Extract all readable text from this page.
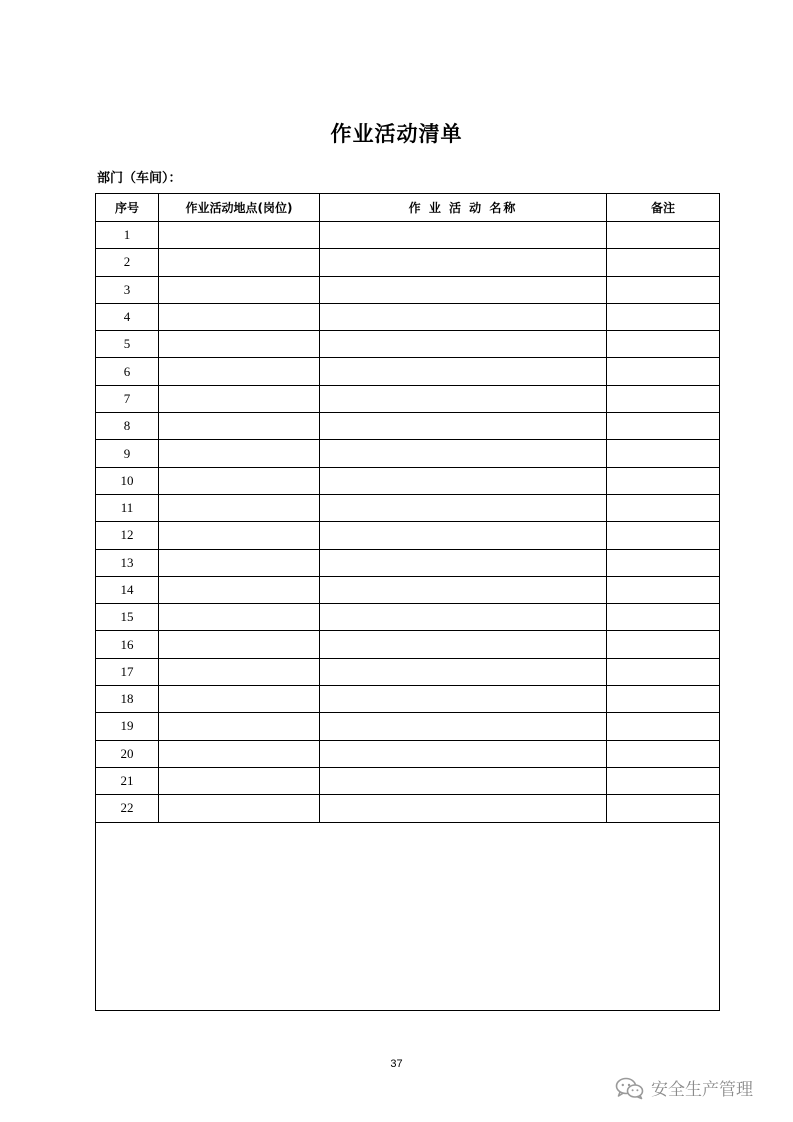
作业活动清单
部门（车间）：
序号	作业活动地点(岗位)	作 业 活 动 名称	备注
1			
2			
3			
4			
5			
6			
7			
8			
9			
10			
11			
12			
13			
14			
15			
16			
17			
18			
19			
20			
21			
22			

37
安全生产管理
